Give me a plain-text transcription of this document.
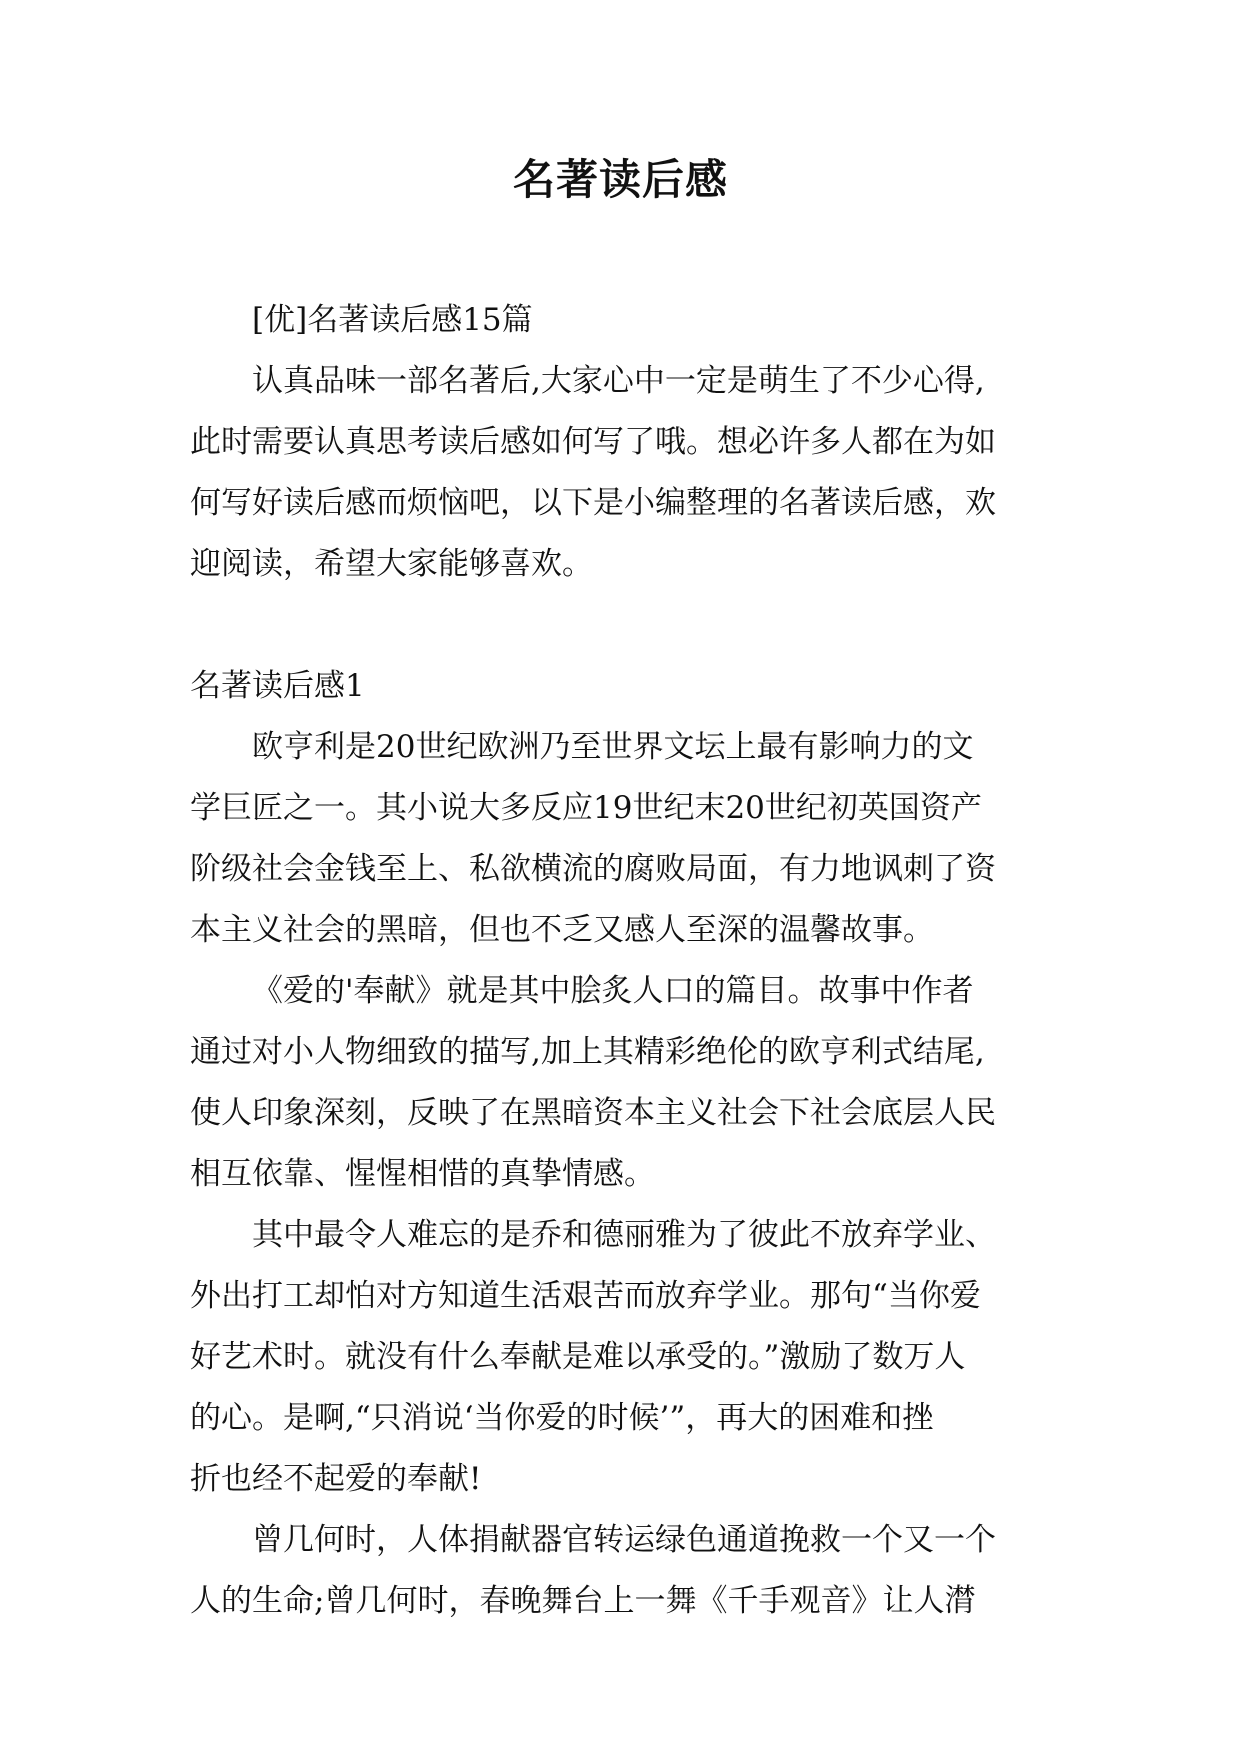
名著读后感

[优]名著读后感15篇

认真品味一部名著后,大家心中一定是萌生了不少心得,
此时需要认真思考读后感如何写了哦。想必许多人都在为如
何写好读后感而烦恼吧，以下是小编整理的名著读后感，欢
迎阅读，希望大家能够喜欢。

名著读后感1

欧亨利是20世纪欧洲乃至世界文坛上最有影响力的文
学巨匠之一。其小说大多反应19世纪末20世纪初英国资产
阶级社会金钱至上、私欲横流的腐败局面，有力地讽刺了资
本主义社会的黑暗，但也不乏又感人至深的温馨故事。

《爱的'奉献》就是其中脍炙人口的篇目。故事中作者
通过对小人物细致的描写,加上其精彩绝伦的欧亨利式结尾,
使人印象深刻，反映了在黑暗资本主义社会下社会底层人民
相互依靠、惺惺相惜的真挚情感。

其中最令人难忘的是乔和德丽雅为了彼此不放弃学业、
外出打工却怕对方知道生活艰苦而放弃学业。那句“当你爱
好艺术时。就没有什么奉献是难以承受的。”激励了数万人
的心。是啊,“只消说‘当你爱的时候’”，再大的困难和挫
折也经不起爱的奉献!

曾几何时，人体捐献器官转运绿色通道挽救一个又一个
人的生命;曾几何时，春晚舞台上一舞《千手观音》让人潸
